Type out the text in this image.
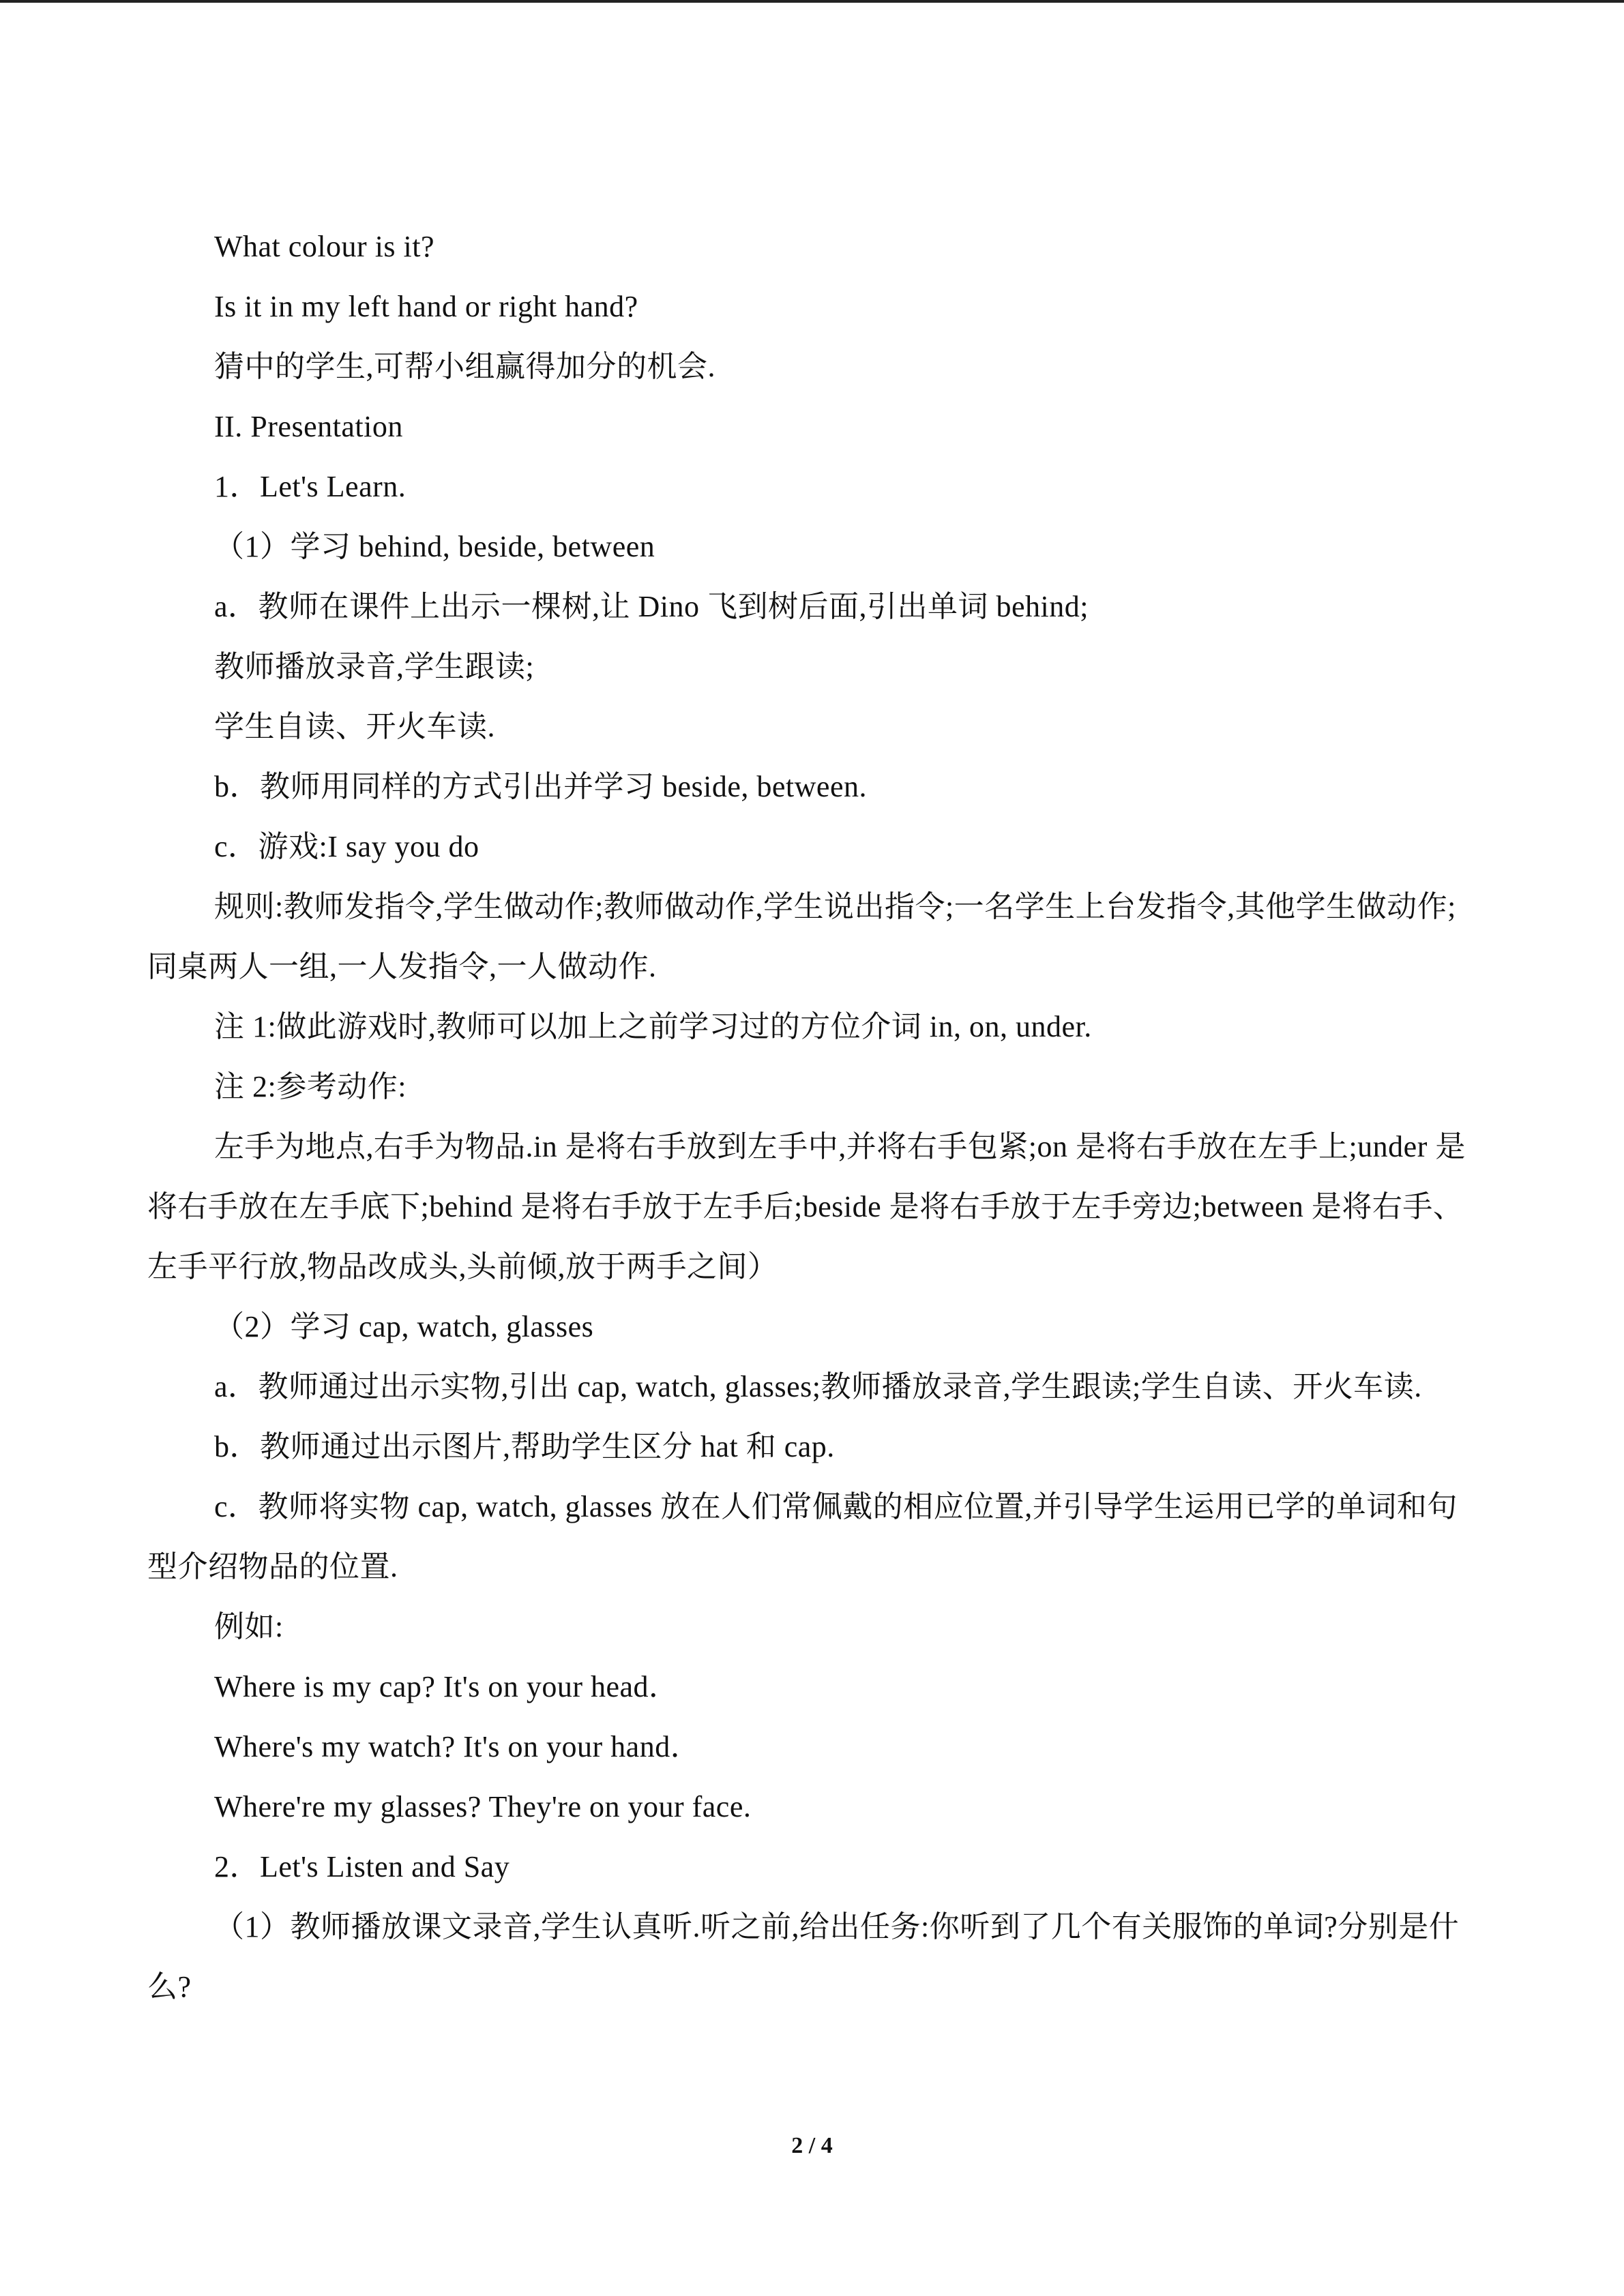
What colour is it?

Is it in my left hand or right hand?

猜中的学生,可帮小组赢得加分的机会.

II. Presentation

1．Let's Learn.

（1）学习 behind, beside, between

a．教师在课件上出示一棵树,让 Dino 飞到树后面,引出单词 behind;

教师播放录音,学生跟读;

学生自读、开火车读.

b．教师用同样的方式引出并学习 beside, between.

c．游戏:I say you do

规则:教师发指令,学生做动作;教师做动作,学生说出指令;一名学生上台发指令,其他学生做动作;同桌两人一组,一人发指令,一人做动作.

注 1:做此游戏时,教师可以加上之前学习过的方位介词 in, on, under.

注 2:参考动作:

左手为地点,右手为物品.in 是将右手放到左手中,并将右手包紧;on 是将右手放在左手上;under 是将右手放在左手底下;behind 是将右手放于左手后;beside 是将右手放于左手旁边;between 是将右手、左手平行放,物品改成头,头前倾,放于两手之间）

（2）学习 cap, watch, glasses

a．教师通过出示实物,引出 cap, watch, glasses;教师播放录音,学生跟读;学生自读、开火车读.

b．教师通过出示图片,帮助学生区分 hat 和 cap.

c．教师将实物 cap, watch, glasses 放在人们常佩戴的相应位置,并引导学生运用已学的单词和句型介绍物品的位置.

例如:

Where is my cap? It's on your head．

Where's my watch? It's on your hand．

Where're my glasses? They're on your face.

2．Let's Listen and Say

（1）教师播放课文录音,学生认真听.听之前,给出任务:你听到了几个有关服饰的单词?分别是什么?

2 / 4
